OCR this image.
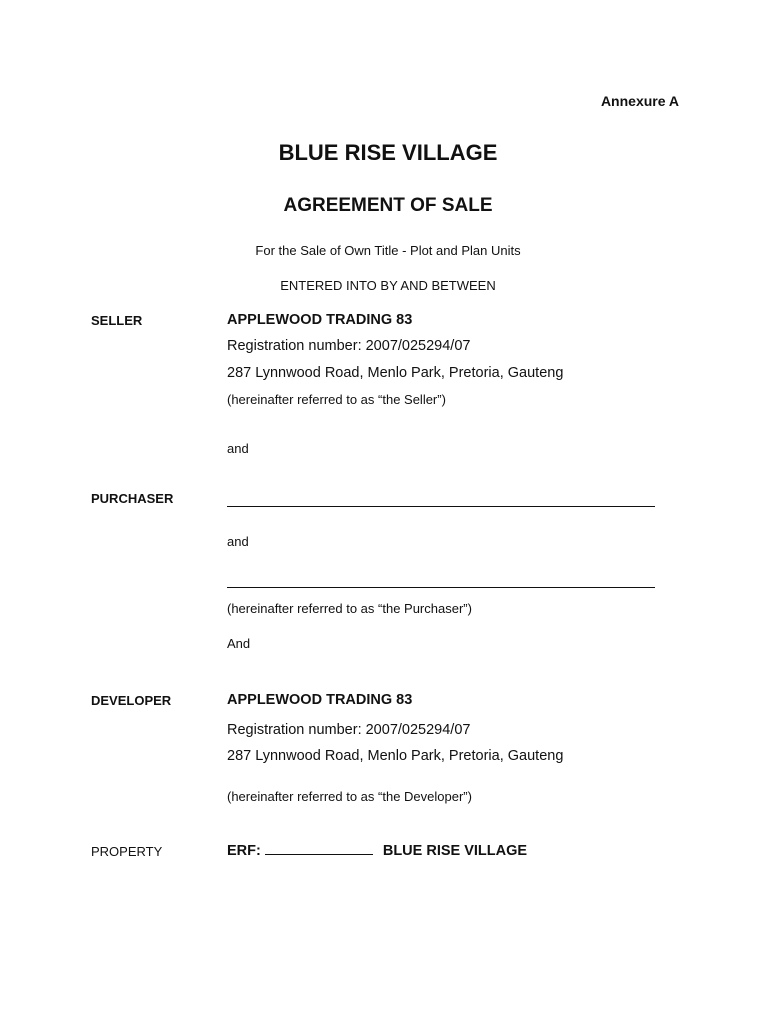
Annexure A
BLUE RISE VILLAGE
AGREEMENT OF SALE
For the Sale of Own Title - Plot and Plan Units
ENTERED INTO BY AND BETWEEN
SELLER	APPLEWOOD TRADING 83
Registration number: 2007/025294/07
287 Lynnwood Road, Menlo Park, Pretoria, Gauteng
(hereinafter referred to as “the Seller”)
and
PURCHASER
and
(hereinafter referred to as “the Purchaser”)
And
DEVELOPER	APPLEWOOD TRADING 83
Registration number: 2007/025294/07
287 Lynnwood Road, Menlo Park, Pretoria, Gauteng
(hereinafter referred to as “the Developer”)
PROPERTY	ERF:	BLUE RISE VILLAGE
